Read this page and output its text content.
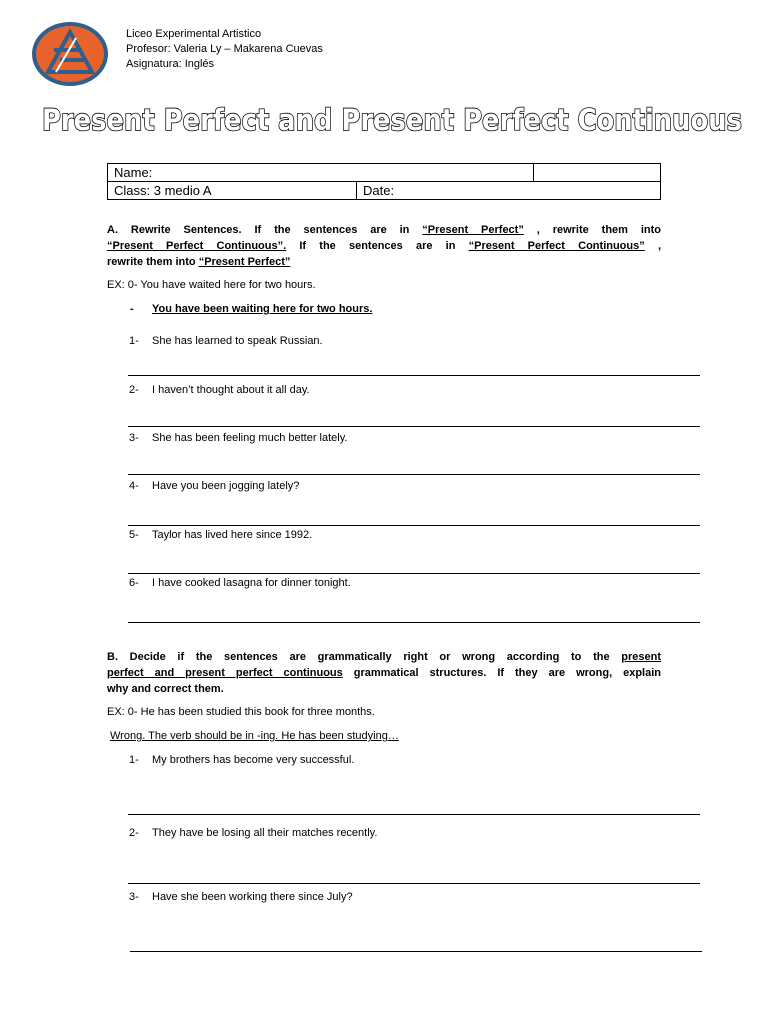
Liceo Experimental Artistico
Profesor: Valeria Ly – Makarena Cuevas
Asignatura: Inglés
Present Perfect and Present Perfect Continuous
Name:		
Class: 3 medio A	Date:	
A. Rewrite Sentences. If the sentences are in “Present Perfect” , rewrite them into
“Present Perfect Continuous”. If the sentences are in “Present Perfect Continuous” ,
rewrite them into “Present Perfect”
EX: 0- You have waited here for two hours.
- You have been waiting here for two hours.
1- She has learned to speak Russian.
2- I haven’t thought about it all day.
3- She has been feeling much better lately.
4- Have you been jogging lately?
5- Taylor has lived here since 1992.
6- I have cooked lasagna for dinner tonight.
B. Decide if the sentences are grammatically right or wrong according to the present
perfect and present perfect continuous grammatical structures. If they are wrong, explain
why and correct them.
EX: 0- He has been studied this book for three months.
Wrong. The verb should be in -ing. He has been studying…
1- My brothers has become very successful.
2- They have be losing all their matches recently.
3- Have she been working there since July?
